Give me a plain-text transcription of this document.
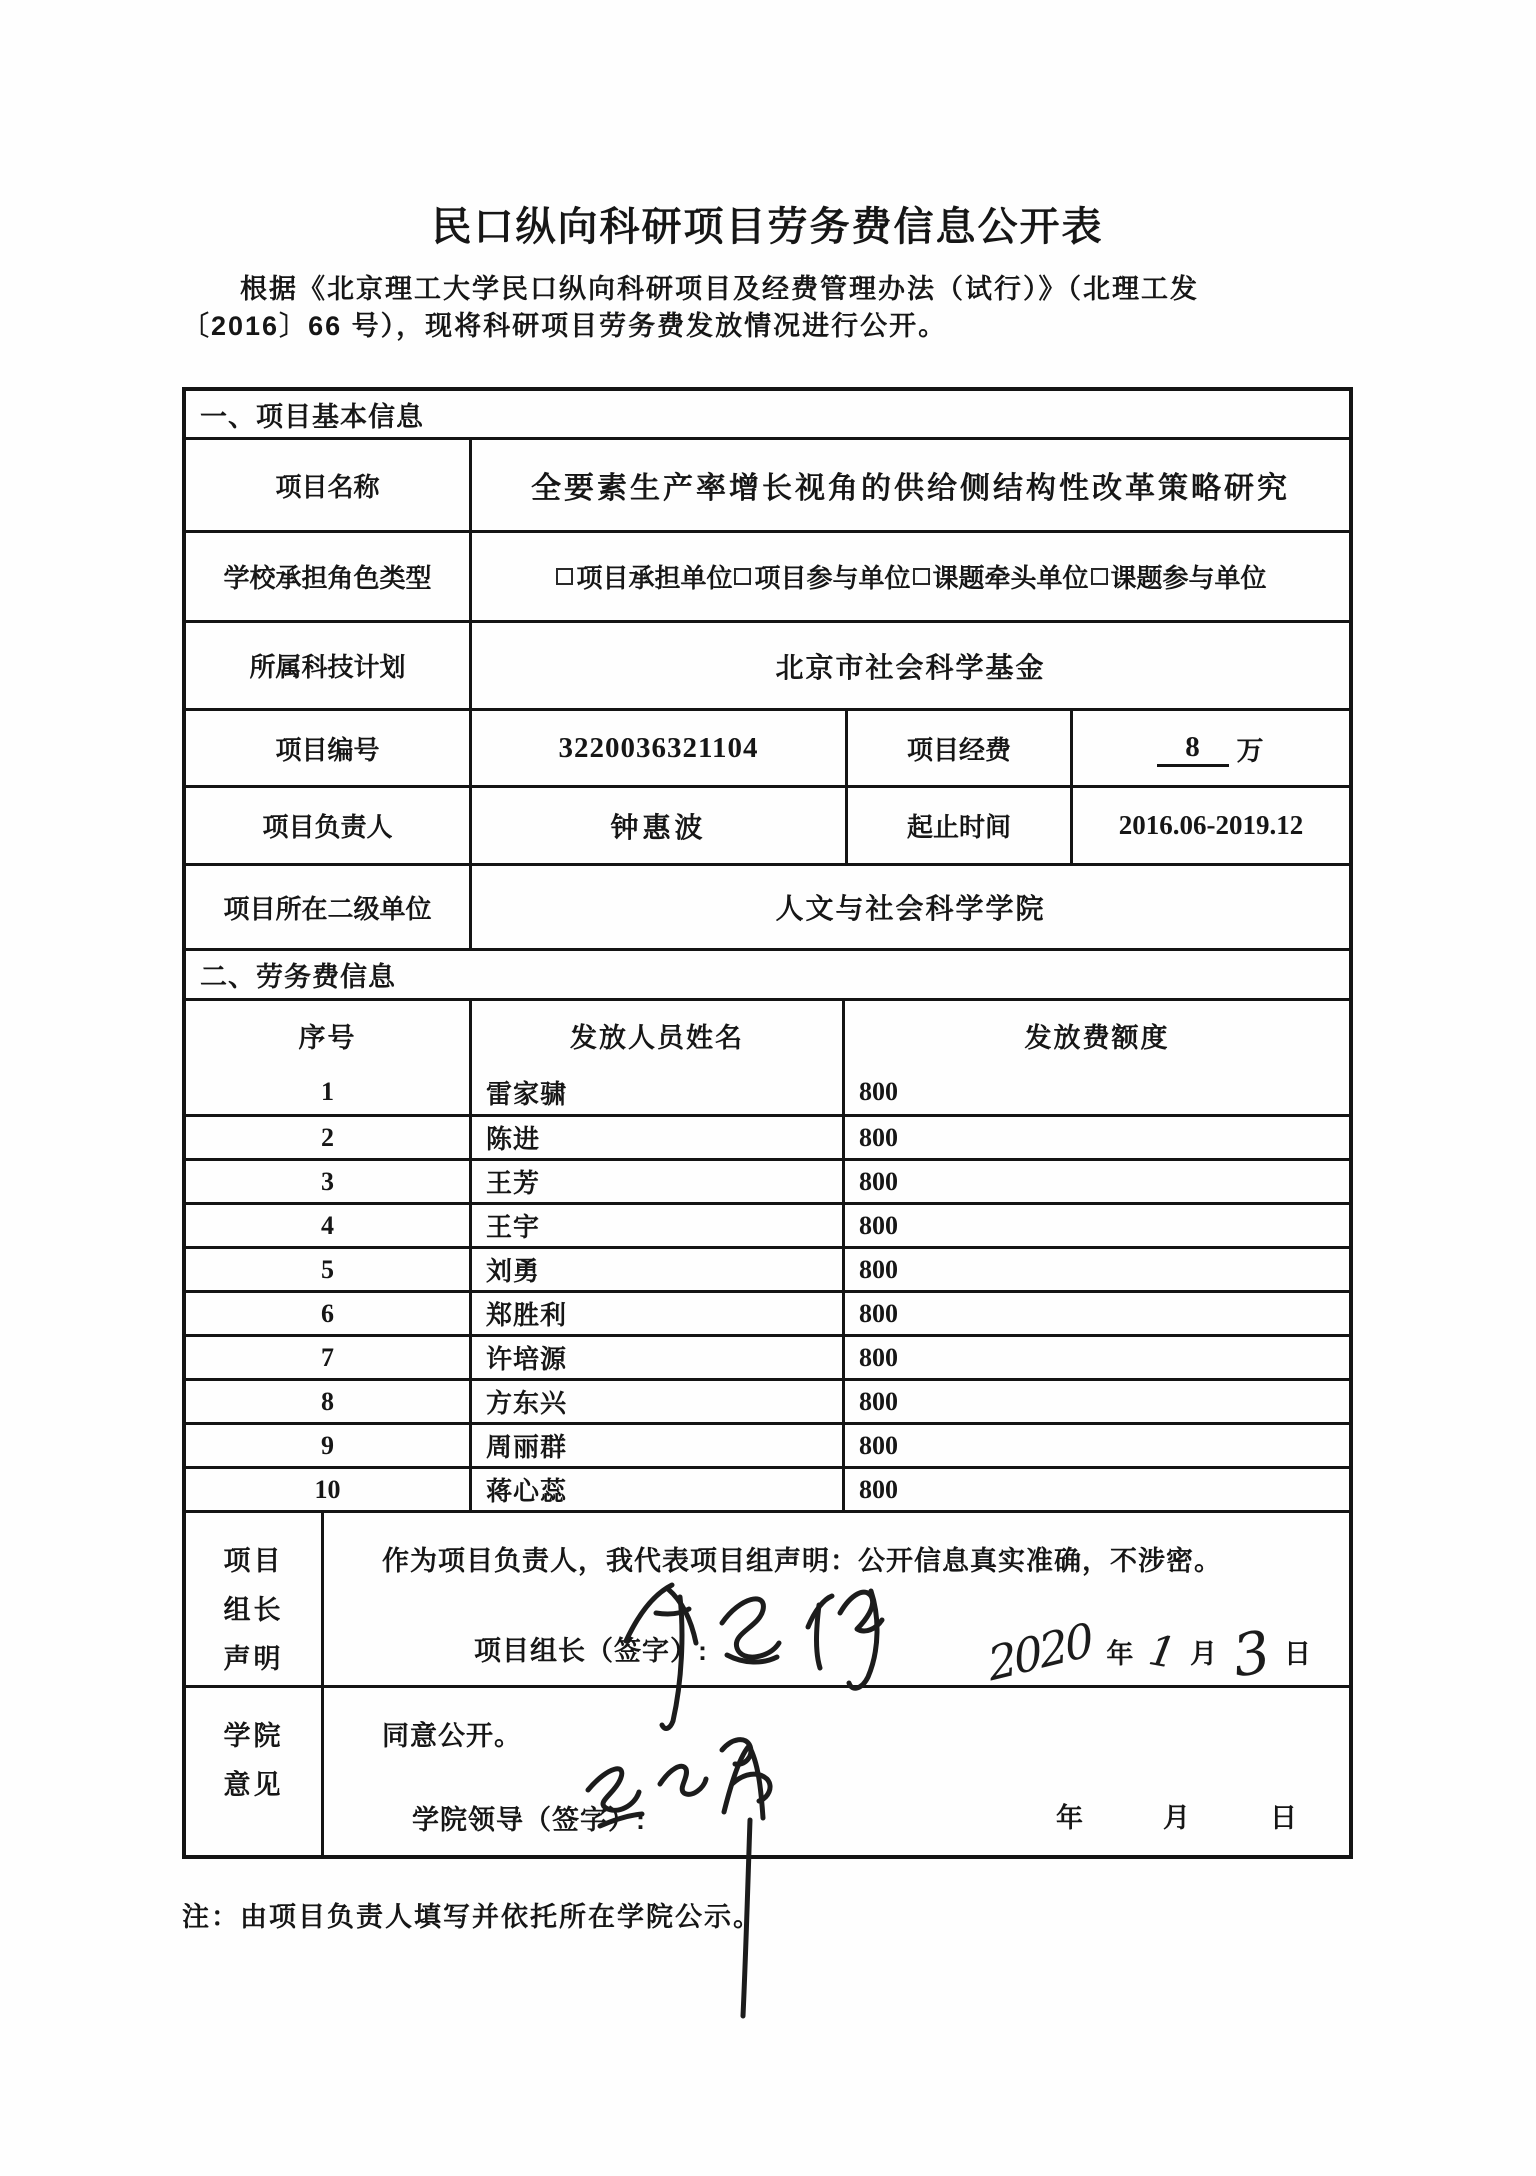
民口纵向科研项目劳务费信息公开表
根据《北京理工大学民口纵向科研项目及经费管理办法（试行）》（北理工发
〔2016〕66 号），现将科研项目劳务费发放情况进行公开。
一、项目基本信息
项目名称	全要素生产率增长视角的供给侧结构性改革策略研究
学校承担角色类型	项目承担单位 项目参与单位 课题牵头单位 课题参与单位
所属科技计划	北京市社会科学基金
项目编号	3220036321104	项目经费	8	万
项目负责人	钟惠波	起止时间	2016.06-2019.12
项目所在二级单位	人文与社会科学学院
二、劳务费信息
序号	发放人员姓名	发放费额度
1	雷家骕	800
2	陈进	800
3	王芳	800
4	王宇	800
5	刘勇	800
6	郑胜利	800
7	许培源	800
8	方东兴	800
9	周丽群	800
10	蒋心蕊	800
项目
组长
声明
作为项目负责人，我代表项目组声明：公开信息真实准确，不涉密。
项目组长（签字）:	2020 年 1 月 3 日
学院
意见
同意公开。
学院领导（签字）:	年	月	日
注：由项目负责人填写并依托所在学院公示。
